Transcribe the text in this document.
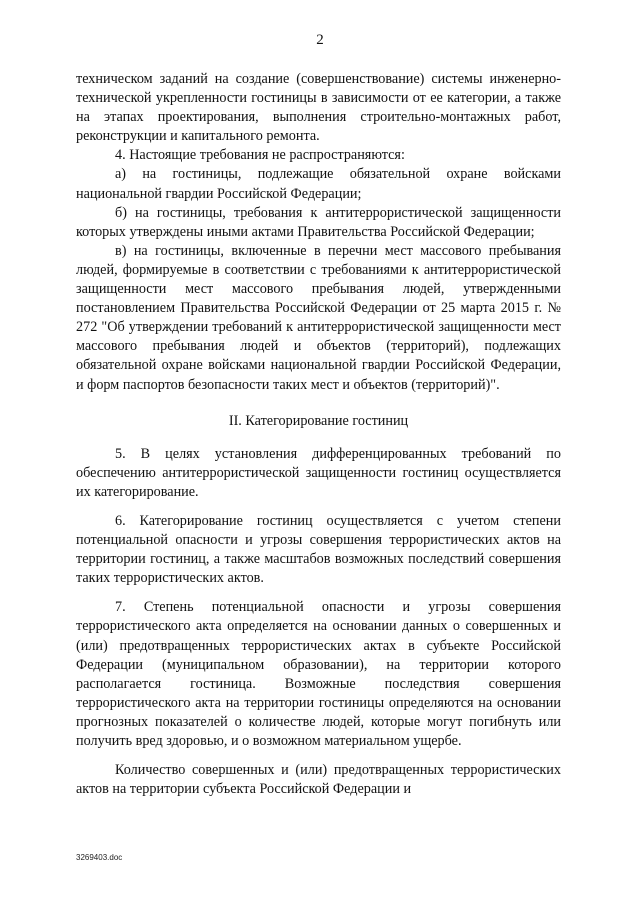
2

техническом заданий на создание (совершенствование) системы инженерно-технической укрепленности гостиницы в зависимости от ее категории, а также на этапах проектирования, выполнения строительно-монтажных работ, реконструкции и капитального ремонта.

4. Настоящие требования не распространяются:

а) на гостиницы, подлежащие обязательной охране войсками национальной гвардии Российской Федерации;

б) на гостиницы, требования к антитеррористической защищенности которых утверждены иными актами Правительства Российской Федерации;

в) на гостиницы, включенные в перечни мест массового пребывания людей, формируемые в соответствии с требованиями к антитеррористической защищенности мест массового пребывания людей, утвержденными постановлением Правительства Российской Федерации от 25 марта 2015 г. № 272 "Об утверждении требований к антитеррористической защищенности мест массового пребывания людей и объектов (территорий), подлежащих обязательной охране войсками национальной гвардии Российской Федерации, и форм паспортов безопасности таких мест и объектов (территорий)".

II. Категорирование гостиниц

5. В целях установления дифференцированных требований по обеспечению антитеррористической защищенности гостиниц осуществляется их категорирование.

6. Категорирование гостиниц осуществляется с учетом степени потенциальной опасности и угрозы совершения террористических актов на территории гостиниц, а также масштабов возможных последствий совершения таких террористических актов.

7. Степень потенциальной опасности и угрозы совершения террористического акта определяется на основании данных о совершенных и (или) предотвращенных террористических актах в субъекте Российской Федерации (муниципальном образовании), на территории которого располагается гостиница. Возможные последствия совершения террористического акта на территории гостиницы определяются на основании прогнозных показателей о количестве людей, которые могут погибнуть или получить вред здоровью, и о возможном материальном ущербе.

Количество совершенных и (или) предотвращенных террористических актов на территории субъекта Российской Федерации и

3269403.doc
